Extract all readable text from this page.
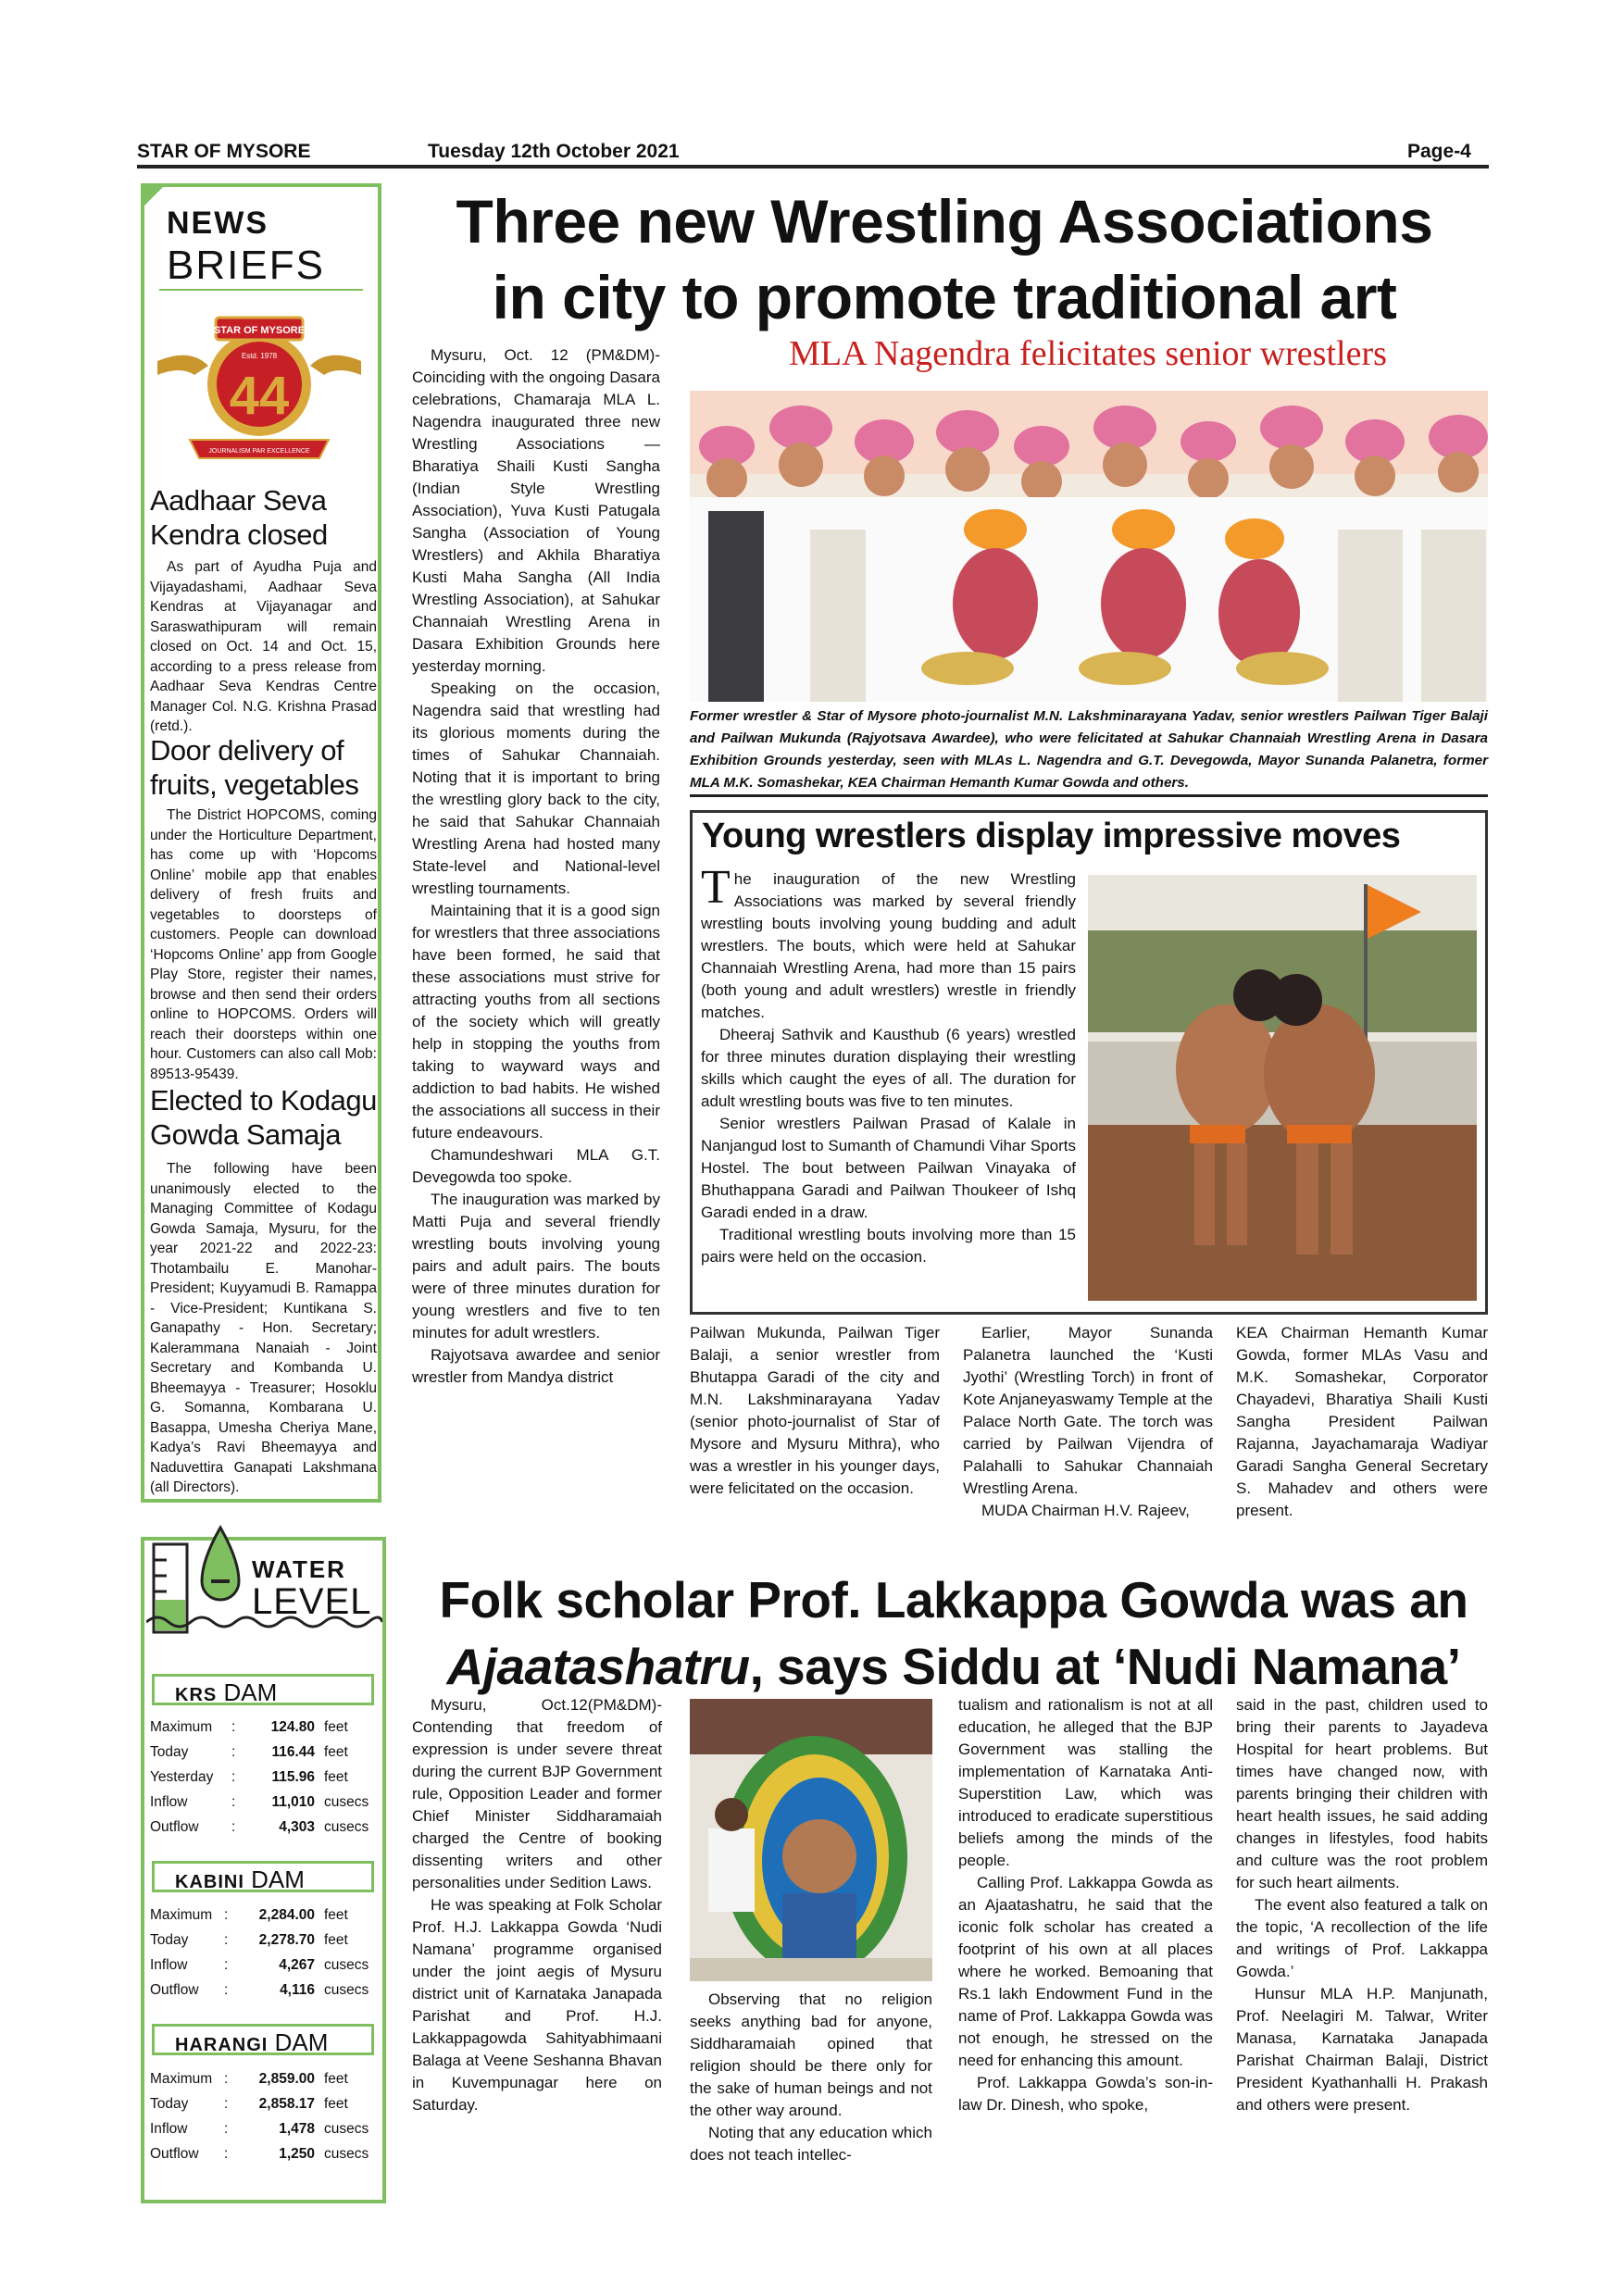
STAR OF MYSORE	Tuesday 12th October 2021	Page-4
NEWS
BRIEFS
STAR OF MYSORE
Estd. 1978
44
JOURNALISM PAR EXCELLENCE
Aadhaar Seva Kendra closed
As part of Ayudha Puja and Vijayadashami, Aadhaar Seva Kendras at Vijayanagar and Saraswathipuram will remain closed on Oct. 14 and Oct. 15, according to a press release from Aadhaar Seva Kendras Centre Manager Col. N.G. Krishna Prasad (retd.).
Door delivery of fruits, vegetables
The District HOPCOMS, coming under the Horticulture Department, has come up with ‘Hopcoms Online’ mobile app that enables delivery of fresh fruits and vegetables to doorsteps of customers. People can download ‘Hopcoms Online’ app from Google Play Store, register their names, browse and then send their orders online to HOPCOMS. Orders will reach their doorsteps within one hour. Customers can also call Mob: 89513-95439.
Elected to Kodagu Gowda Samaja
The following have been unanimously elected to the Managing Committee of Kodagu Gowda Samaja, Mysuru, for the year 2021-22 and 2022-23: Thotambailu E. Manohar- President; Kuyyamudi B. Ramappa - Vice-President; Kuntikana S. Ganapathy - Hon. Secretary; Kalerammana Nanaiah - Joint Secretary and Kombanda U. Bheemayya - Treasurer; Hosoklu G. Somanna, Kombarana U. Basappa, Umesha Cheriya Mane, Kadya’s Ravi Bheemayya and Naduvettira Ganapati Lakshmana (all Directors).
WATER
LEVEL
KRS DAM
Maximum	:	124.80	feet
Today	:	116.44	feet
Yesterday	:	115.96	feet
Inflow	:	11,010	cusecs
Outflow	:	4,303	cusecs
KABINI DAM
Maximum	:	2,284.00	feet
Today	:	2,278.70	feet
Inflow	:	4,267	cusecs
Outflow	:	4,116	cusecs
HARANGI DAM
Maximum	:	2,859.00	feet
Today	:	2,858.17	feet
Inflow	:	1,478	cusecs
Outflow	:	1,250	cusecs
Three new Wrestling Associations
in city to promote traditional art
MLA Nagendra felicitates senior wrestlers

Mysuru, Oct. 12 (PM&DM)- Coinciding with the ongoing Dasara celebrations, Chamaraja MLA L. Nagendra inaugurated three new Wrestling Associations — Bharatiya Shaili Kusti Sangha (Indian Style Wrestling Association), Yuva Kusti Patugala Sangha (Association of Young Wrestlers) and Akhila Bharatiya Kusti Maha Sangha (All India Wrestling Association), at Sahukar Channaiah Wrestling Arena in Dasara Exhibition Grounds here yesterday morning.

Speaking on the occasion, Nagendra said that wrestling had its glorious moments during the times of Sahukar Channaiah. Noting that it is important to bring the wrestling glory back to the city, he said that Sahukar Channaiah Wrestling Arena had hosted many State-level and National-level wrestling tournaments.

Maintaining that it is a good sign for wrestlers that three associations have been formed, he said that these associations must strive for attracting youths from all sections of the society which will greatly help in stopping the youths from taking to wayward ways and addiction to bad habits. He wished the associations all success in their future endeavours.

Chamundeshwari MLA G.T. Devegowda too spoke.

The inauguration was marked by Matti Puja and several friendly wrestling bouts involving young pairs and adult pairs. The bouts were of three minutes duration for young wrestlers and five to ten minutes for adult wrestlers.

Rajyotsava awardee and senior wrestler from Mandya district

Former wrestler & Star of Mysore photo-journalist M.N. Lakshminarayana Yadav, senior wrestlers Pailwan Tiger Balaji and Pailwan Mukunda (Rajyotsava Awardee), who were felicitated at Sahukar Channaiah Wrestling Arena in Dasara Exhibition Grounds yesterday, seen with MLAs L. Nagendra and G.T. Devegowda, Mayor Sunanda Palanetra, former MLA M.K. Somashekar, KEA Chairman Hemanth Kumar Gowda and others.
Young wrestlers display impressive moves

The inauguration of the new Wrestling Associations was marked by several friendly wrestling bouts involving young budding and adult wrestlers. The bouts, which were held at Sahukar Channaiah Wrestling Arena, had more than 15 pairs (both young and adult wrestlers) wrestle in friendly matches.

Dheeraj Sathvik and Kausthub (6 years) wrestled for three minutes duration displaying their wrestling skills which caught the eyes of all. The duration for adult wrestling bouts was five to ten minutes.

Senior wrestlers Pailwan Prasad of Kalale in Nanjangud lost to Sumanth of Chamundi Vihar Sports Hostel. The bout between Pailwan Vinayaka of Bhuthappana Garadi and Pailwan Thoukeer of Ishq Garadi ended in a draw.

Traditional wrestling bouts involving more than 15 pairs were held on the occasion.

Pailwan Mukunda, Pailwan Tiger Balaji, a senior wrestler from Bhutappa Garadi of the city and M.N. Lakshminarayana Yadav (senior photo-journalist of Star of Mysore and Mysuru Mithra), who was a wrestler in his younger days, were felicitated on the occasion.

Earlier, Mayor Sunanda Palanetra launched the ‘Kusti Jyothi’ (Wrestling Torch) in front of Kote Anjaneyaswamy Temple at the Palace North Gate. The torch was carried by Pailwan Vijendra of Palahalli to Sahukar Channaiah Wrestling Arena.

MUDA Chairman H.V. Rajeev,

KEA Chairman Hemanth Kumar Gowda, former MLAs Vasu and M.K. Somashekar, Corporator Chayadevi, Bharatiya Shaili Kusti Sangha President Pailwan Rajanna, Jayachamaraja Wadiyar Garadi Sangha General Secretary S. Mahadev and others were present.

Folk scholar Prof. Lakkappa Gowda was an
Ajaatashatru, says Siddu at ‘Nudi Namana’

Mysuru, Oct.12(PM&DM)- Contending that freedom of expression is under severe threat during the current BJP Government rule, Opposition Leader and former Chief Minister Siddharamaiah charged the Centre of booking dissenting writers and other personalities under Sedition Laws.

He was speaking at Folk Scholar Prof. H.J. Lakkappa Gowda ‘Nudi Namana’ programme organised under the joint aegis of Mysuru district unit of Karnataka Janapada Parishat and Prof. H.J. Lakkappagowda Sahityabhimaani Balaga at Veene Seshanna Bhavan in Kuvempunagar here on Saturday.

Observing that no religion seeks anything bad for anyone, Siddharamaiah opined that religion should be there only for the sake of human beings and not the other way around.

Noting that any education which does not teach intellec-

tualism and rationalism is not at all education, he alleged that the BJP Government was stalling the implementation of Karnataka Anti-Superstition Law, which was introduced to eradicate superstitious beliefs among the minds of the people.

Calling Prof. Lakkappa Gowda as an Ajaatashatru, he said that the iconic folk scholar has created a footprint of his own at all places where he worked. Bemoaning that Rs.1 lakh Endowment Fund in the name of Prof. Lakkappa Gowda was not enough, he stressed on the need for enhancing this amount.

Prof. Lakkappa Gowda’s son-in-law Dr. Dinesh, who spoke,

said in the past, children used to bring their parents to Jayadeva Hospital for heart problems. But times have changed now, with parents bringing their children with heart health issues, he said adding changes in lifestyles, food habits and culture was the root problem for such heart ailments.

The event also featured a talk on the topic, ‘A recollection of the life and writings of Prof. Lakkappa Gowda.’

Hunsur MLA H.P. Manjunath, Prof. Neelagiri M. Talwar, Writer Manasa, Karnataka Janapada Parishat Chairman Balaji, District President Kyathanhalli H. Prakash and others were present.
